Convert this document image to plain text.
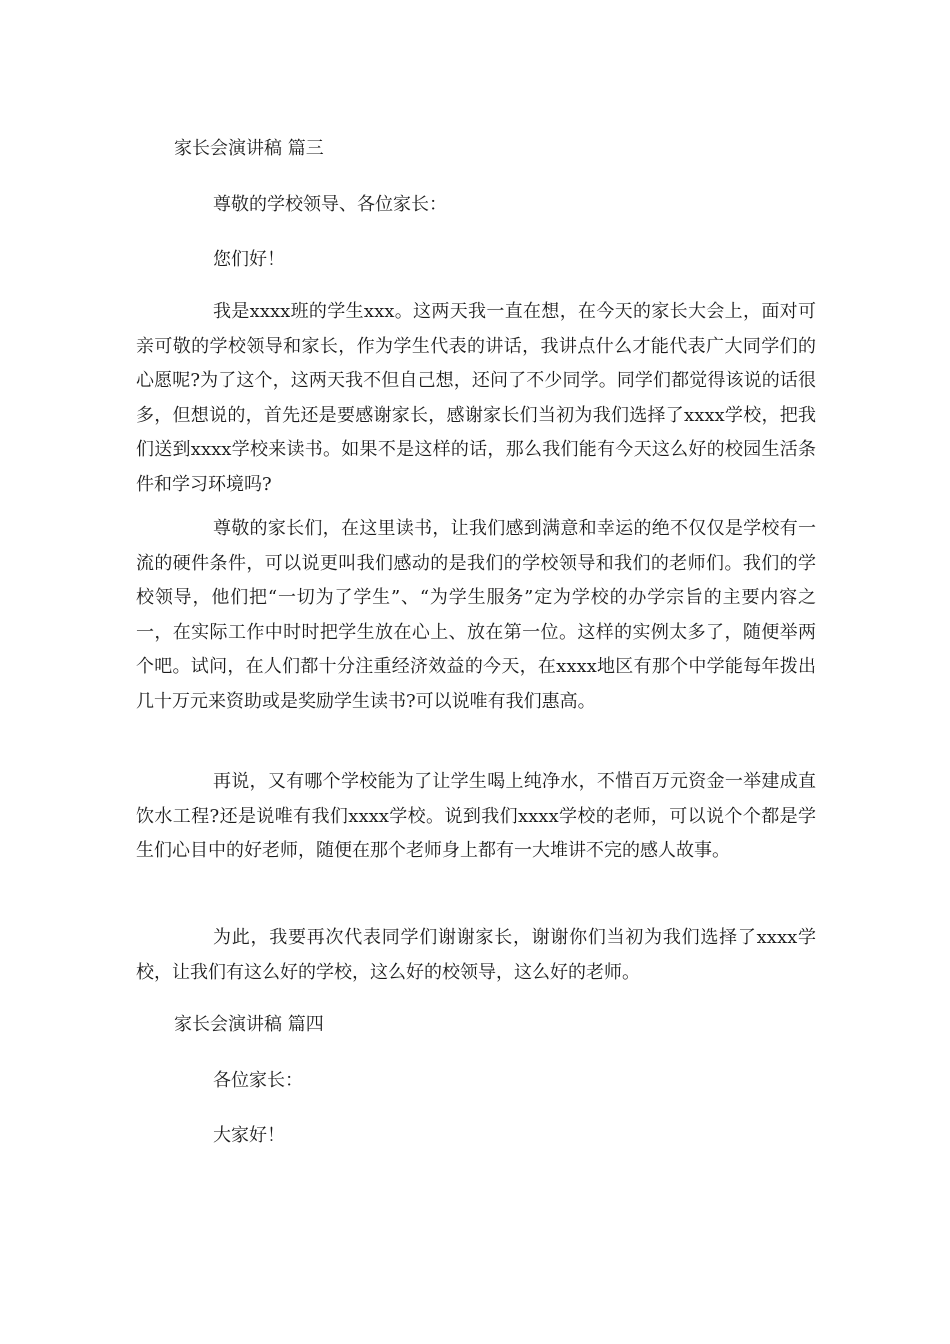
家长会演讲稿 篇三
尊敬的学校领导、各位家长：
您们好！
我是xxxx班的学生xxx。这两天我一直在想，在今天的家长大会上，面对可亲可敬的学校领导和家长，作为学生代表的讲话，我讲点什么才能代表广大同学们的心愿呢?为了这个，这两天我不但自己想，还问了不少同学。同学们都觉得该说的话很多，但想说的，首先还是要感谢家长，感谢家长们当初为我们选择了xxxx学校，把我们送到xxxx学校来读书。如果不是这样的话，那么我们能有今天这么好的校园生活条件和学习环境吗?
尊敬的家长们，在这里读书，让我们感到满意和幸运的绝不仅仅是学校有一流的硬件条件，可以说更叫我们感动的是我们的学校领导和我们的老师们。我们的学校领导，他们把“一切为了学生”、“为学生服务”定为学校的办学宗旨的主要内容之一，在实际工作中时时把学生放在心上、放在第一位。这样的实例太多了，随便举两个吧。试问，在人们都十分注重经济效益的今天，在xxxx地区有那个中学能每年拨出几十万元来资助或是奖励学生读书?可以说唯有我们惠高。
再说，又有哪个学校能为了让学生喝上纯净水，不惜百万元资金一举建成直饮水工程?还是说唯有我们xxxx学校。说到我们xxxx学校的老师，可以说个个都是学生们心目中的好老师，随便在那个老师身上都有一大堆讲不完的感人故事。
为此，我要再次代表同学们谢谢家长，谢谢你们当初为我们选择了xxxx学校，让我们有这么好的学校，这么好的校领导，这么好的老师。
家长会演讲稿 篇四
各位家长：
大家好！
